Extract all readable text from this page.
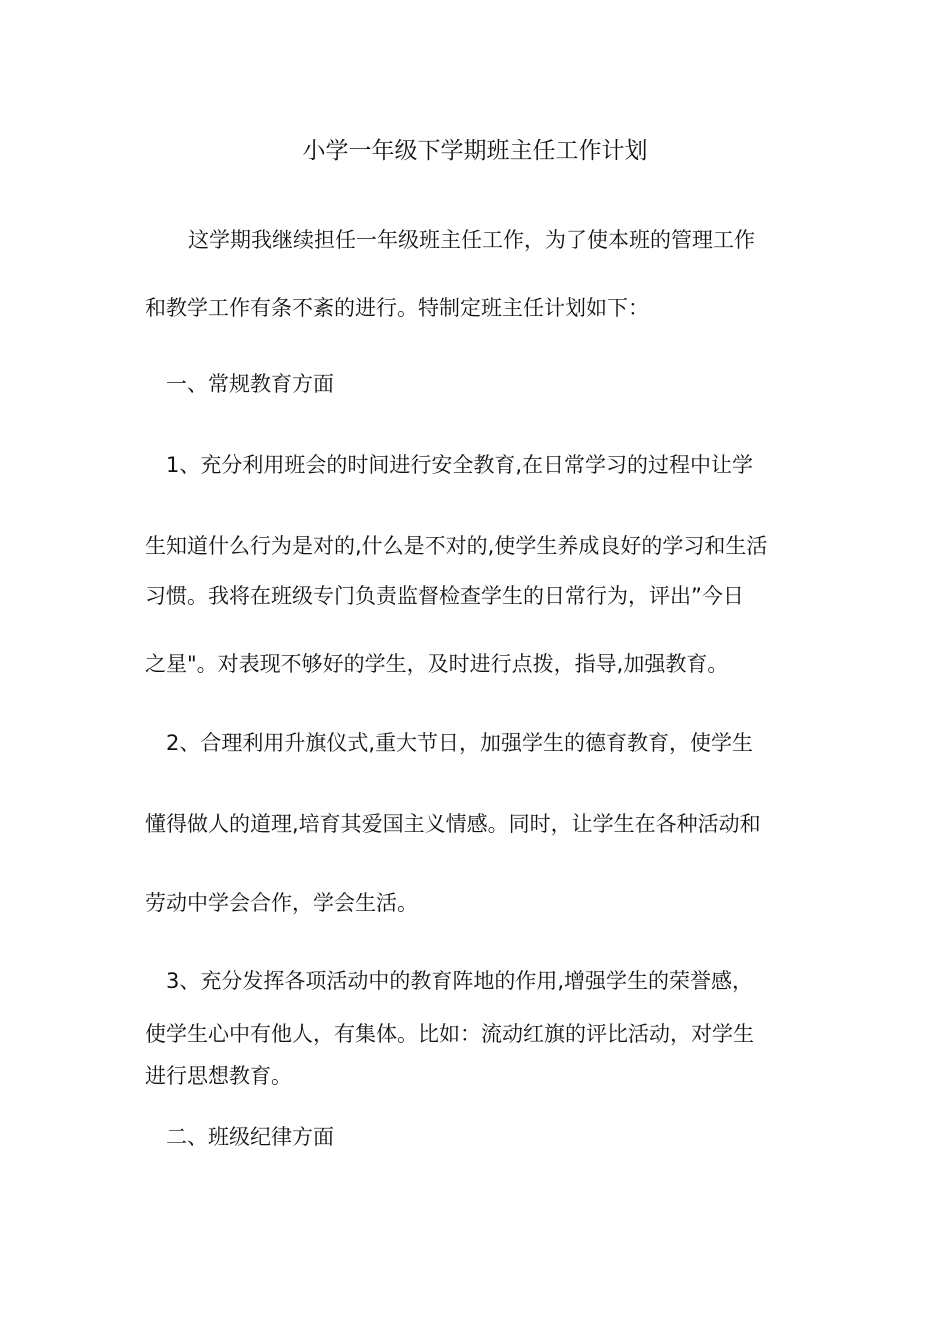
小学一年级下学期班主任工作计划
这学期我继续担任一年级班主任工作，为了使本班的管理工作
和教学工作有条不紊的进行。特制定班主任计划如下：
一、常规教育方面
1、充分利用班会的时间进行安全教育,在日常学习的过程中让学
生知道什么行为是对的,什么是不对的,使学生养成良好的学习和生活
习惯。我将在班级专门负责监督检查学生的日常行为，评出”今日
之星"。对表现不够好的学生，及时进行点拨，指导,加强教育。
2、合理利用升旗仪式,重大节日，加强学生的德育教育，使学生
懂得做人的道理,培育其爱国主义情感。同时，让学生在各种活动和
劳动中学会合作，学会生活。
3、充分发挥各项活动中的教育阵地的作用,增强学生的荣誉感，
使学生心中有他人，有集体。比如：流动红旗的评比活动，对学生
进行思想教育。
二、班级纪律方面
